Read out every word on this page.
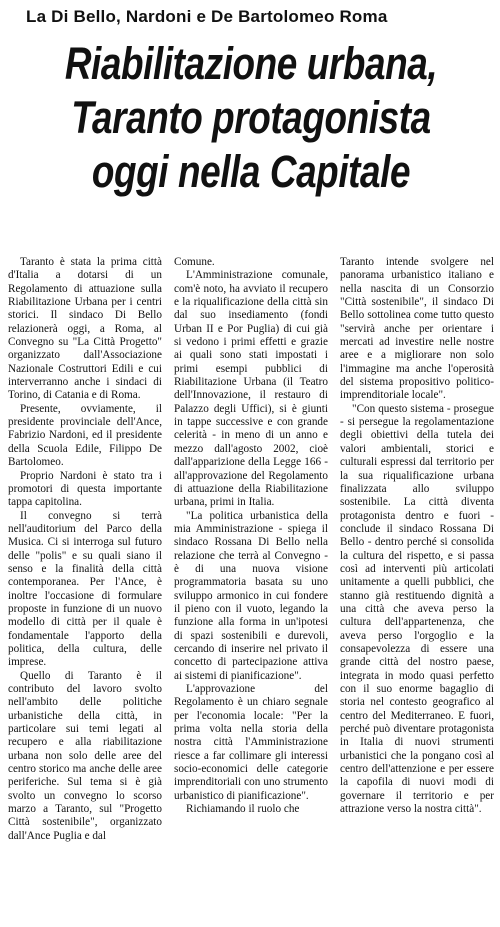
La Di Bello, Nardoni e De Bartolomeo Roma
Riabilitazione urbana,
Taranto protagonista
oggi nella Capitale

Taranto è stata la prima città d'Italia a dotarsi di un Regolamento di attuazione sulla Riabilitazione Urbana per i centri storici. Il sindaco Di Bello relazionerà oggi, a Roma, al Convegno su "La Città Progetto" organizzato dall'Associazione Nazionale Costruttori Edili e cui interverranno anche i sindaci di Torino, di Catania e di Roma.

Presente, ovviamente, il presidente provinciale dell'Ance, Fabrizio Nardoni, ed il presidente della Scuola Edile, Filippo De Bartolomeo.

Proprio Nardoni è stato tra i promotori di questa importante tappa capitolina.

Il convegno si terrà nell'auditorium del Parco della Musica. Ci si interroga sul futuro delle "polis" e su quali siano il senso e la finalità della città contemporanea. Per l'Ance, è inoltre l'occasione di formulare proposte in funzione di un nuovo modello di città per il quale è fondamentale l'apporto della politica, della cultura, delle imprese.

Quello di Taranto è il contributo del lavoro svolto nell'ambito delle politiche urbanistiche della città, in particolare sui temi legati al recupero e alla riabilitazione urbana non solo delle aree del centro storico ma anche delle aree periferiche. Sul tema si è già svolto un convegno lo scorso marzo a Taranto, sul "Progetto Città sostenibile", organizzato dall'Ance Puglia e dal

Comune.

L'Amministrazione comunale, com'è noto, ha avviato il recupero e la riqualificazione della città sin dal suo insediamento (fondi Urban II e Por Puglia) di cui già si vedono i primi effetti e grazie ai quali sono stati impostati i primi esempi pubblici di Riabilitazione Urbana (il Teatro dell'Innovazione, il restauro di Palazzo degli Uffici), si è giunti in tappe successive e con grande celerità - in meno di un anno e mezzo dall'agosto 2002, cioè dall'apparizione della Legge 166 - all'approvazione del Regolamento di attuazione della Riabilitazione urbana, primi in Italia.

"La politica urbanistica della mia Amministrazione - spiega il sindaco Rossana Di Bello nella relazione che terrà al Convegno - è di una nuova visione programmatoria basata su uno sviluppo armonico in cui fondere il pieno con il vuoto, legando la funzione alla forma in un'ipotesi di spazi sostenibili e durevoli, cercando di inserire nel privato il concetto di partecipazione attiva ai sistemi di pianificazione".

L'approvazione del Regolamento è un chiaro segnale per l'economia locale: "Per la prima volta nella storia della nostra città l'Amministrazione riesce a far collimare gli interessi socio-economici delle categorie imprenditoriali con uno strumento urbanistico di pianificazione".

Richiamando il ruolo che

Taranto intende svolgere nel panorama urbanistico italiano e nella nascita di un Consorzio "Città sostenibile", il sindaco Di Bello sottolinea come tutto questo "servirà anche per orientare i mercati ad investire nelle nostre aree e a migliorare non solo l'immagine ma anche l'operosità del sistema propositivo politico-imprenditoriale locale".

"Con questo sistema - prosegue - si persegue la regolamentazione degli obiettivi della tutela dei valori ambientali, storici e culturali espressi dal territorio per la sua riqualificazione urbana finalizzata allo sviluppo sostenibile. La città diventa protagonista dentro e fuori - conclude il sindaco Rossana Di Bello - dentro perché si consolida la cultura del rispetto, e si passa così ad interventi più articolati unitamente a quelli pubblici, che stanno già restituendo dignità a una città che aveva perso la cultura dell'appartenenza, che aveva perso l'orgoglio e la consapevolezza di essere una grande città del nostro paese, integrata in modo quasi perfetto con il suo enorme bagaglio di storia nel contesto geografico al centro del Mediterraneo. E fuori, perché può diventare protagonista in Italia di nuovi strumenti urbanistici che la pongano così al centro dell'attenzione e per essere la capofila di nuovi modi di governare il territorio e per attrazione verso la nostra città".
